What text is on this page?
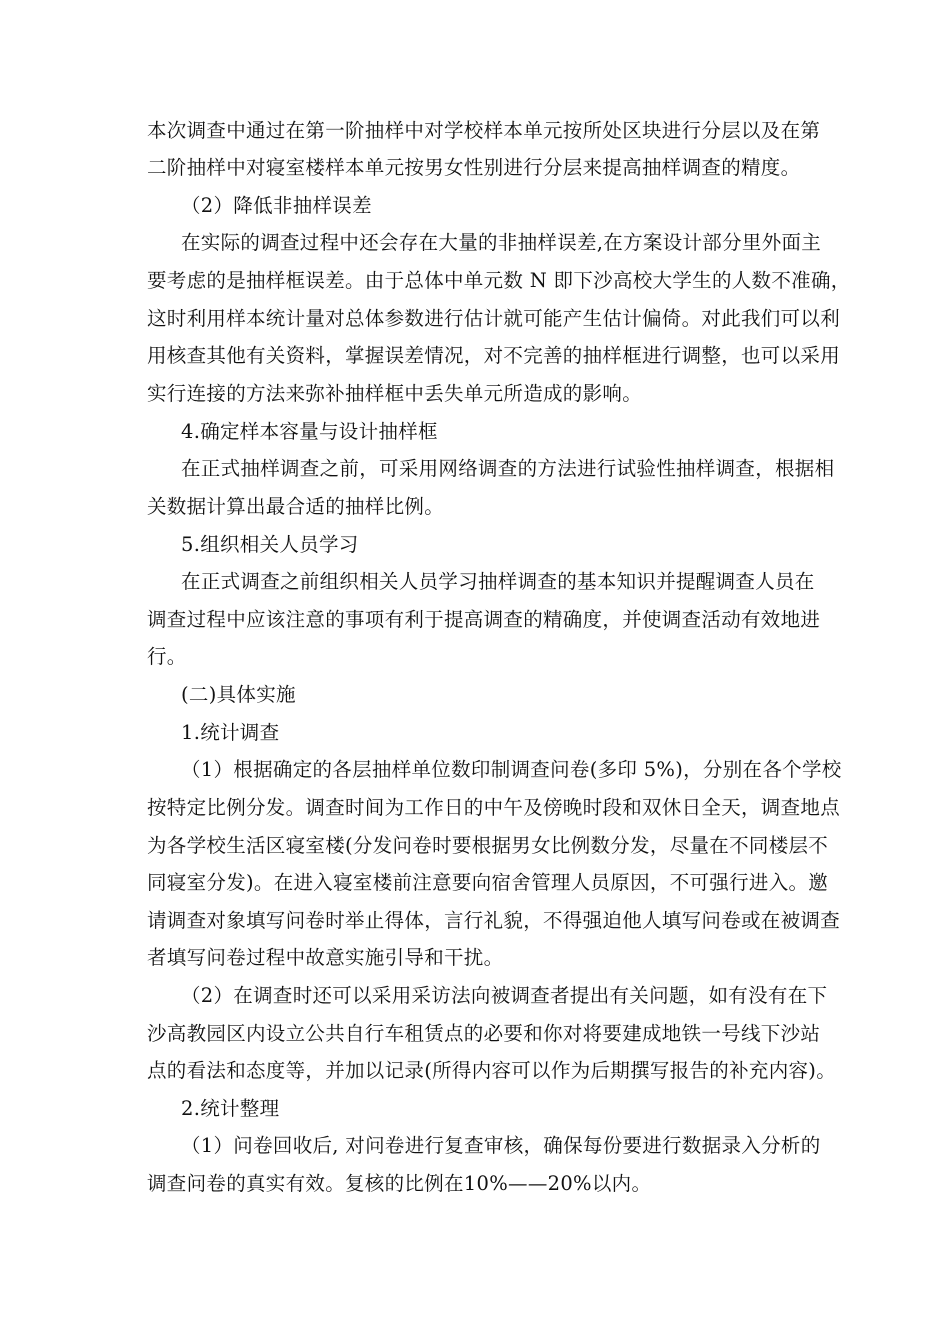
本次调查中通过在第一阶抽样中对学校样本单元按所处区块进行分层以及在第

二阶抽样中对寝室楼样本单元按男女性别进行分层来提高抽样调查的精度。

（2）降低非抽样误差

在实际的调查过程中还会存在大量的非抽样误差,在方案设计部分里外面主

要考虑的是抽样框误差。由于总体中单元数 N 即下沙高校大学生的人数不准确，

这时利用样本统计量对总体参数进行估计就可能产生估计偏倚。对此我们可以利

用核查其他有关资料，掌握误差情况，对不完善的抽样框进行调整，也可以采用

实行连接的方法来弥补抽样框中丢失单元所造成的影响。

4.确定样本容量与设计抽样框

在正式抽样调查之前，可采用网络调查的方法进行试验性抽样调查，根据相

关数据计算出最合适的抽样比例。

5.组织相关人员学习

在正式调查之前组织相关人员学习抽样调查的基本知识并提醒调查人员在

调查过程中应该注意的事项有利于提高调查的精确度，并使调查活动有效地进

行。

(二)具体实施

1.统计调查

（1）根据确定的各层抽样单位数印制调查问卷(多印 5%)，分别在各个学校

按特定比例分发。调查时间为工作日的中午及傍晚时段和双休日全天，调查地点

为各学校生活区寝室楼(分发问卷时要根据男女比例数分发，尽量在不同楼层不

同寝室分发)。在进入寝室楼前注意要向宿舍管理人员原因，不可强行进入。邀

请调查对象填写问卷时举止得体，言行礼貌，不得强迫他人填写问卷或在被调查

者填写问卷过程中故意实施引导和干扰。

（2）在调查时还可以采用采访法向被调查者提出有关问题，如有没有在下

沙高教园区内设立公共自行车租赁点的必要和你对将要建成地铁一号线下沙站

点的看法和态度等，并加以记录(所得内容可以作为后期撰写报告的补充内容)。

2.统计整理

（1）问卷回收后, 对问卷进行复查审核，确保每份要进行数据录入分析的

调查问卷的真实有效。复核的比例在10%——20%以内。
